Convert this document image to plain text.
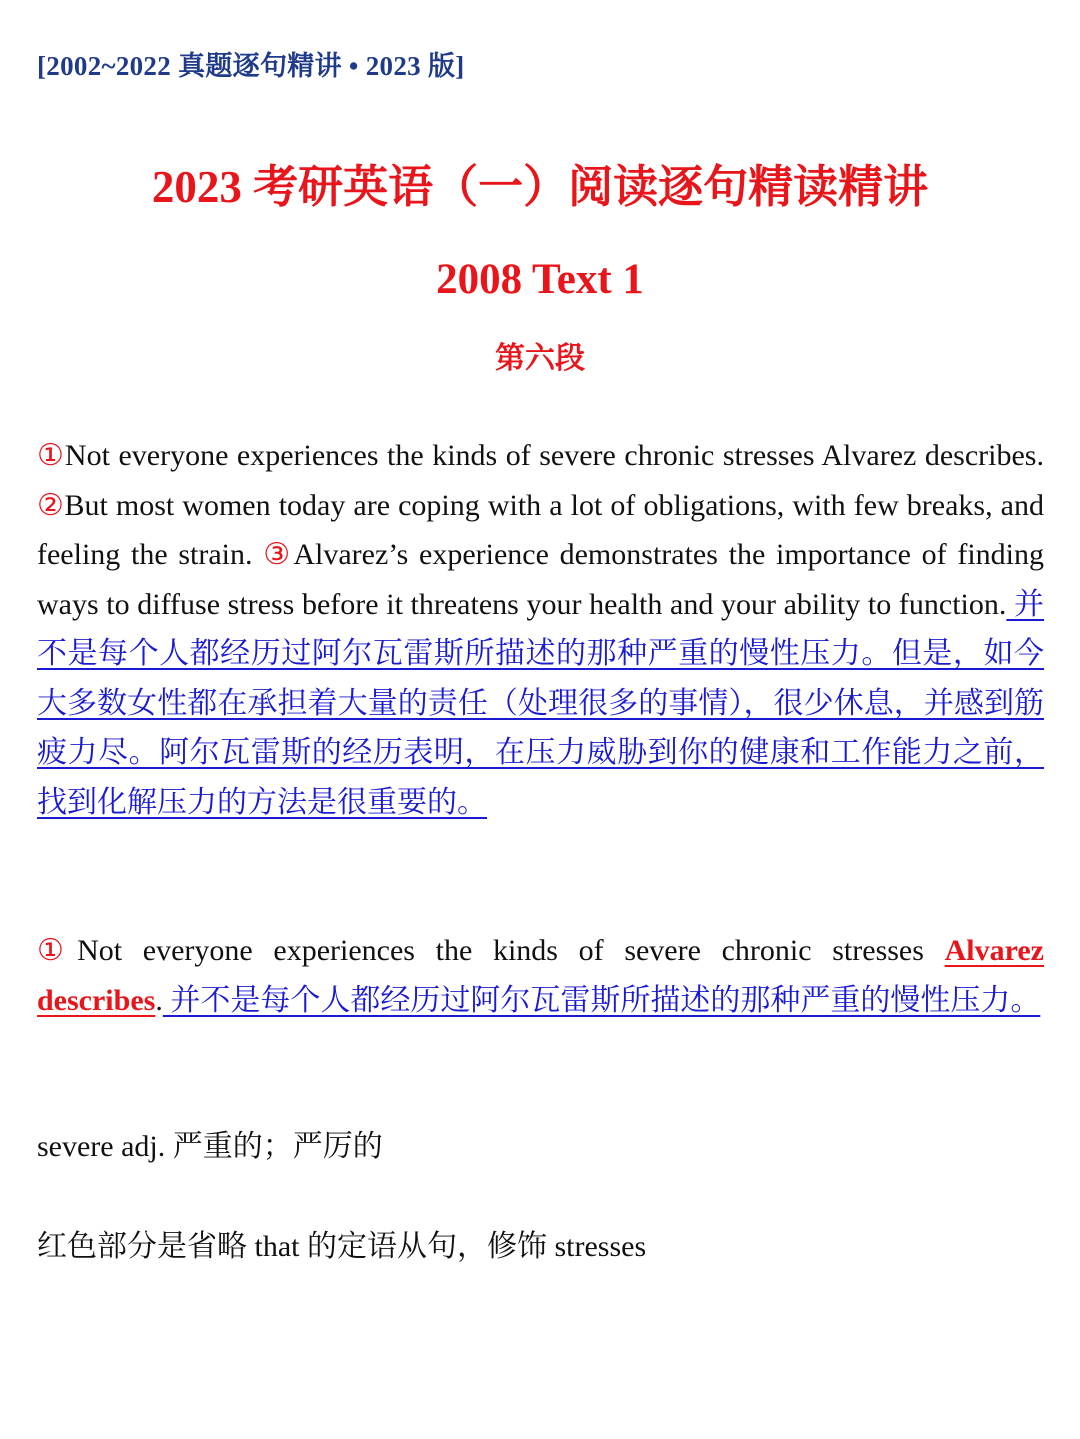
[2002~2022 真题逐句精讲 • 2023 版]
2023 考研英语（一）阅读逐句精读精讲
2008 Text 1
第六段
①Not everyone experiences the kinds of severe chronic stresses Alvarez describes. ②But most women today are coping with a lot of obligations, with few breaks, and feeling the strain. ③Alvarez’s experience demonstrates the importance of finding ways to diffuse stress before it threatens your health and your ability to function. 并不是每个人都经历过阿尔瓦雷斯所描述的那种严重的慢性压力。但是，如今大多数女性都在承担着大量的责任（处理很多的事情），很少休息，并感到筋疲力尽。阿尔瓦雷斯的经历表明，在压力威胁到你的健康和工作能力之前，找到化解压力的方法是很重要的。
①Not everyone experiences the kinds of severe chronic stresses Alvarez describes. 并不是每个人都经历过阿尔瓦雷斯所描述的那种严重的慢性压力。
severe adj. 严重的；严厉的
红色部分是省略 that 的定语从句，修饰 stresses
